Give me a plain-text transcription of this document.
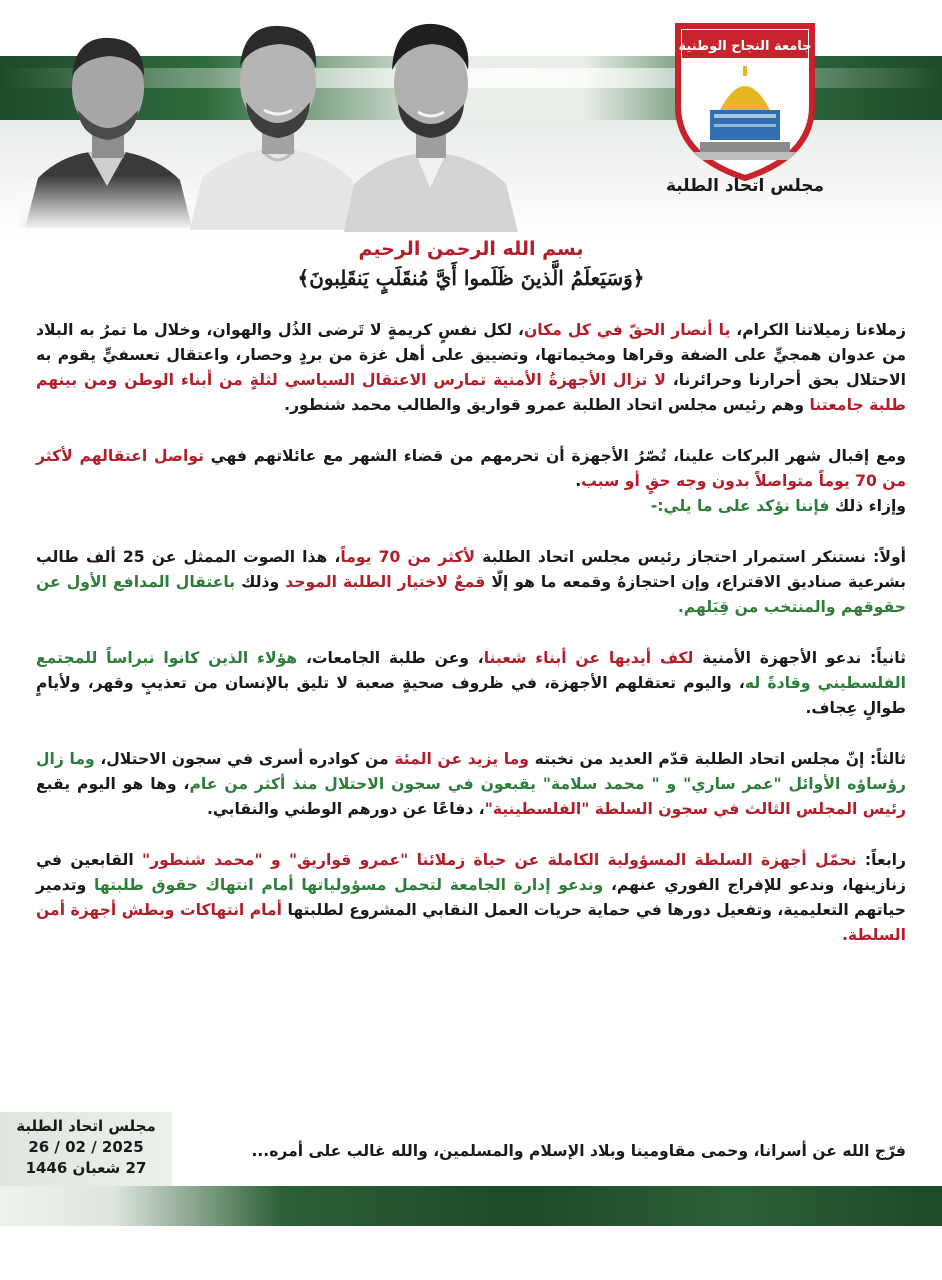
جامعة النجاح الوطنية
مجلس اتحاد الطلبة
بسم الله الرحمن الرحيم
﴿وَسَيَعلَمُ الَّذينَ ظَلَموا أَيَّ مُنقَلَبٍ يَنقَلِبونَ﴾

زملاءنا زميلاتنا الكرام، يا أنصار الحقّ في كل مكان، لكل نفسٍ كريمةٍ لا تَرضى الذُل والهوان، وخلال ما تمرُ به البلاد من عدوان همجيٍّ على الضفة وقراها ومخيماتها، وتضييق على أهل غزة من بردٍ وحصار، واعتقال تعسفيٍّ يقوم به الاحتلال بحق أحرارنا وحرائرنا، لا تزال الأجهزةُ الأمنية تمارس الاعتقال السياسي لثلةٍ من أبناء الوطن ومن بينهم طلبة جامعتنا وهم رئيس مجلس اتحاد الطلبة عمرو قواريق والطالب محمد شنطور.

ومع إقبال شهر البركات علينا، تُصّرُ الأجهزة أن تحرمهم من قضاء الشهر مع عائلاتهم فهي تواصل اعتقالهم لأكثر من 70 يوماً متواصلاً بدون وجه حقٍ أو سبب.

وإزاء ذلك فإننا نؤكد على ما يلي:-

أولاً: نستنكر استمرار احتجاز رئيس مجلس اتحاد الطلبة لأكثر من 70 يوماً، هذا الصوت الممثل عن 25 ألف طالب بشرعية صناديق الاقتراع، وإن احتجازهُ وقمعه ما هو إلّا قمعٌ لاختيار الطلبة الموحد وذلك باعتقال المدافع الأول عن حقوقهم والمنتخب من قِبَلهم.

ثانياً: ندعو الأجهزة الأمنية لكف أيديها عن أبناء شعبنا، وعن طلبة الجامعات، هؤلاء الذين كانوا نبراساً للمجتمع الفلسطيني وقادةً له، واليوم تعتقلهم الأجهزة، في ظروف صحيةٍ صعبة لا تليق بالإنسان من تعذيبٍ وقهر، ولأيامٍ طوالٍ عِجاف.

ثالثاً: إنّ مجلس اتحاد الطلبة قدّم العديد من نخبته وما يزيد عن المئة من كوادره أسرى في سجون الاحتلال، وما زال رؤساؤه الأوائل "عمر ساري" و " محمد سلامة" يقبعون في سجون الاحتلال منذ أكثر من عام، وها هو اليوم يقبع رئيس المجلس الثالث في سجون السلطة "الفلسطينية"، دفاعًا عن دورهم الوطني والنقابي.

رابعاً: نحمّل أجهزة السلطة المسؤولية الكاملة عن حياة زملائنا "عمرو قواريق" و "محمد شنطور" القابعين في زنازينها، وندعو للإفراج الفوري عنهم، وندعو إدارة الجامعة لتحمل مسؤولياتها أمام انتهاك حقوق طلبتها وتدمير حياتهم التعليمية، وتفعيل دورها في حماية حريات العمل النقابي المشروع لطلبتها أمام انتهاكات وبطش أجهزة أمن السلطة.

مجلس اتحاد الطلبة
26 / 02 / 2025
27 شعبان 1446
فرّج الله عن أسرانا، وحمى مقاومينا وبلاد الإسلام والمسلمين، والله غالب على أمره...
